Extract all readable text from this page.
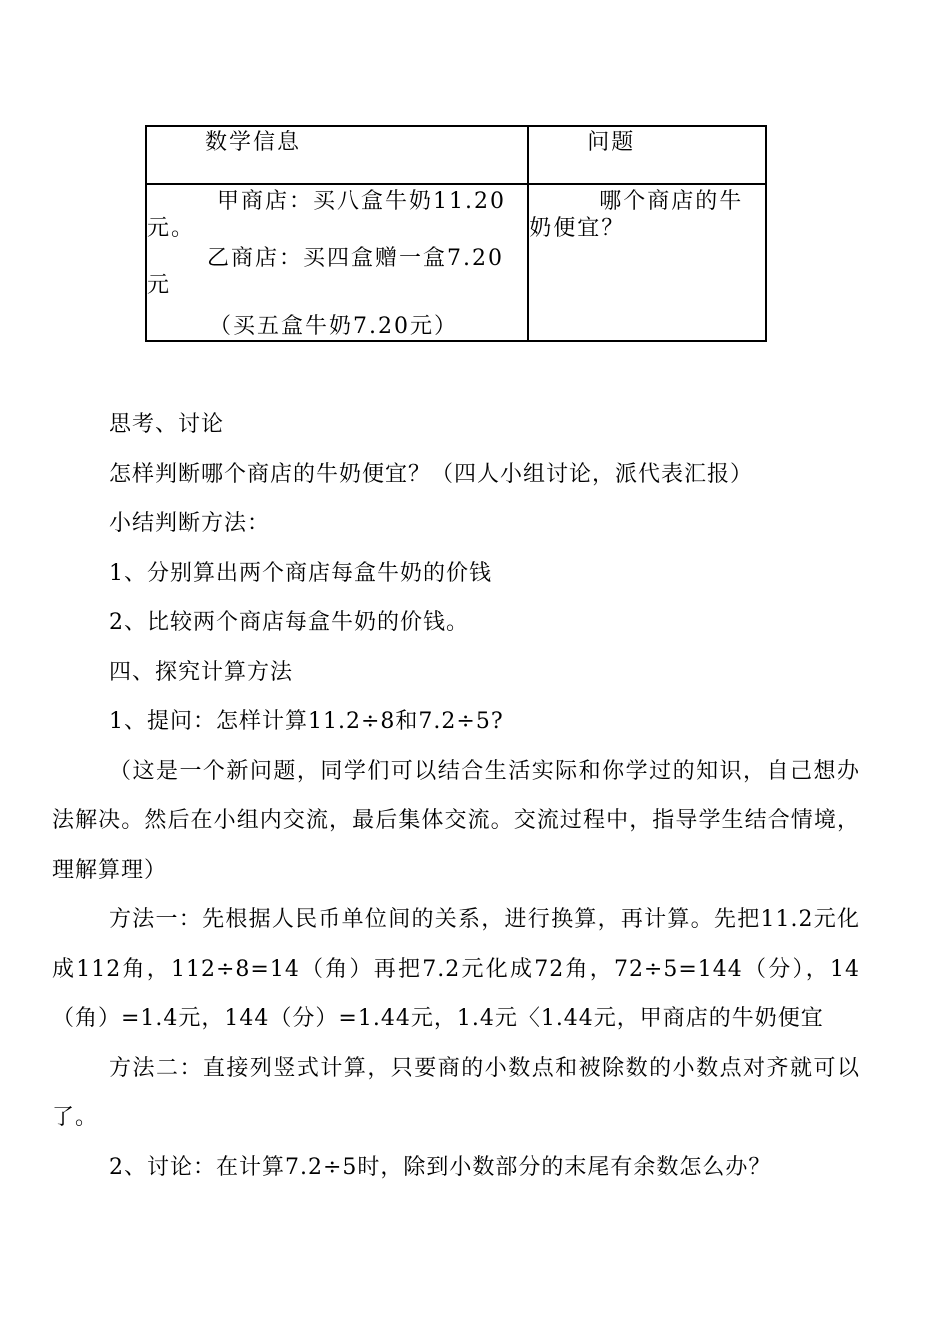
数学信息	问题

甲商店：买八盒牛奶11.20元。

乙商店：买四盒赠一盒7.20元

（买五盒牛奶7.20元）	哪个商店的牛奶便宜？

思考、讨论

怎样判断哪个商店的牛奶便宜？（四人小组讨论，派代表汇报）

小结判断方法：

1、分别算出两个商店每盒牛奶的价钱

2、比较两个商店每盒牛奶的价钱。

四、探究计算方法

1、提问：怎样计算11.2÷8和7.2÷5?

（这是一个新问题，同学们可以结合生活实际和你学过的知识，自己想办法解决。然后在小组内交流，最后集体交流。交流过程中，指导学生结合情境，理解算理）

方法一：先根据人民币单位间的关系，进行换算，再计算。先把11.2元化成112角，112÷8=14（角）再把7.2元化成72角，72÷5=144（分），14（角）=1.4元，144（分）=1.44元，1.4元〈1.44元，甲商店的牛奶便宜

方法二：直接列竖式计算，只要商的小数点和被除数的小数点对齐就可以了。

2、讨论：在计算7.2÷5时，除到小数部分的末尾有余数怎么办？
